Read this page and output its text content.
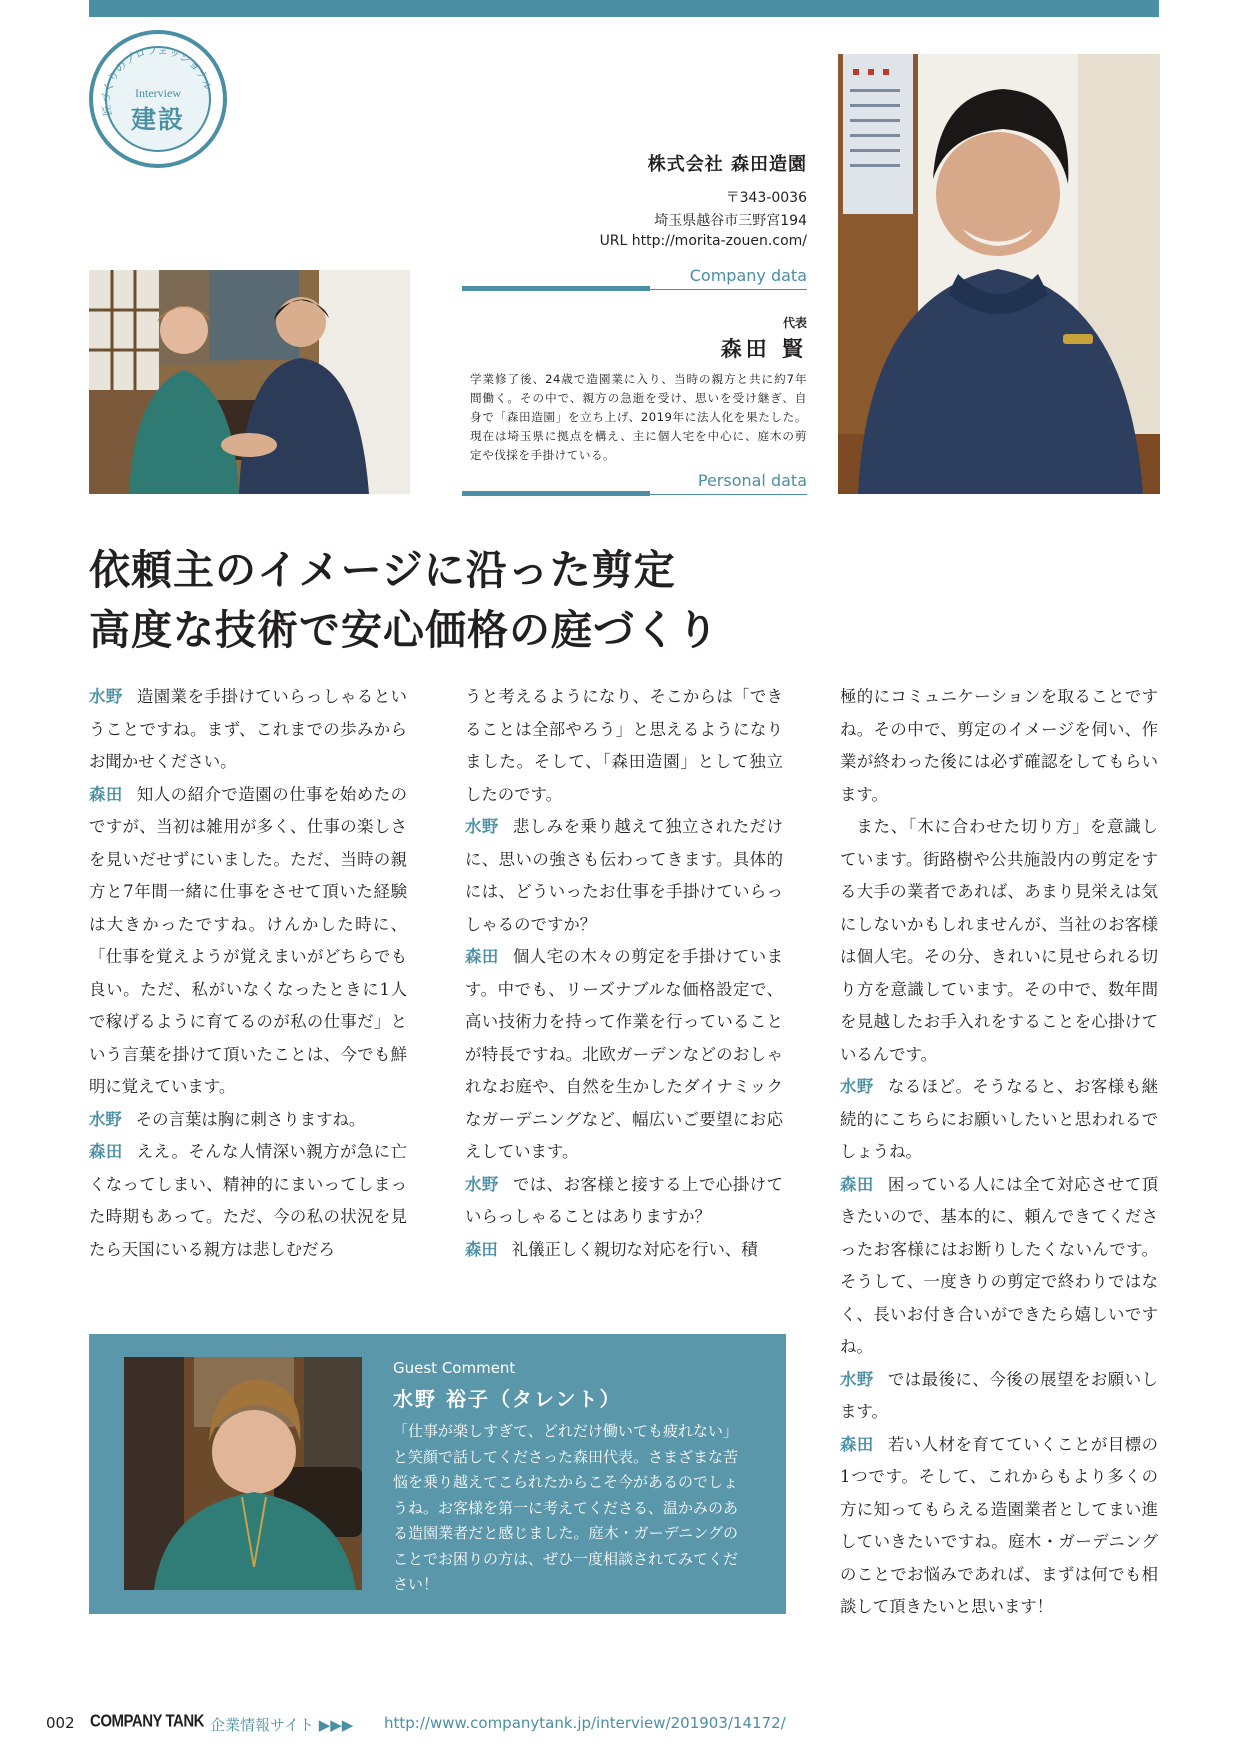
匠づくりのプロフェッショナル
Interview
建設
株式会社 森田造園
〒343-0036
埼玉県越谷市三野宮194
URL http://morita-zouen.com/
Company data
代表
森田 賢
学業修了後、24歳で造園業に入り、当時の親方と共に約7年間働く。その中で、親方の急逝を受け、思いを受け継ぎ、自身で「森田造園」を立ち上げ、2019年に法人化を果たした。現在は埼玉県に拠点を構え、主に個人宅を中心に、庭木の剪定や伐採を手掛けている。
Personal data
依頼主のイメージに沿った剪定
高度な技術で安心価格の庭づくり

水野 造園業を手掛けていらっしゃるということですね。まず、これまでの歩みからお聞かせください。

森田 知人の紹介で造園の仕事を始めたのですが、当初は雑用が多く、仕事の楽しさを見いだせずにいました。ただ、当時の親方と7年間一緒に仕事をさせて頂いた経験は大きかったですね。けんかした時に、「仕事を覚えようが覚えまいがどちらでも良い。ただ、私がいなくなったときに1人で稼げるように育てるのが私の仕事だ」という言葉を掛けて頂いたことは、今でも鮮明に覚えています。

水野 その言葉は胸に刺さりますね。

森田 ええ。そんな人情深い親方が急に亡くなってしまい、精神的にまいってしまった時期もあって。ただ、今の私の状況を見たら天国にいる親方は悲しむだろ

うと考えるようになり、そこからは「できることは全部やろう」と思えるようになりました。そして、「森田造園」として独立したのです。

水野 悲しみを乗り越えて独立されただけに、思いの強さも伝わってきます。具体的には、どういったお仕事を手掛けていらっしゃるのですか？

森田 個人宅の木々の剪定を手掛けています。中でも、リーズナブルな価格設定で、高い技術力を持って作業を行っていることが特長ですね。北欧ガーデンなどのおしゃれなお庭や、自然を生かしたダイナミックなガーデニングなど、幅広いご要望にお応えしています。

水野 では、お客様と接する上で心掛けていらっしゃることはありますか？

森田 礼儀正しく親切な対応を行い、積

極的にコミュニケーションを取ることですね。その中で、剪定のイメージを伺い、作業が終わった後には必ず確認をしてもらいます。

また、「木に合わせた切り方」を意識しています。街路樹や公共施設内の剪定をする大手の業者であれば、あまり見栄えは気にしないかもしれませんが、当社のお客様は個人宅。その分、きれいに見せられる切り方を意識しています。その中で、数年間を見越したお手入れをすることを心掛けているんです。

水野 なるほど。そうなると、お客様も継続的にこちらにお願いしたいと思われるでしょうね。

森田 困っている人には全て対応させて頂きたいので、基本的に、頼んできてくださったお客様にはお断りしたくないんです。そうして、一度きりの剪定で終わりではなく、長いお付き合いができたら嬉しいですね。

水野 では最後に、今後の展望をお願いします。

森田 若い人材を育てていくことが目標の1つです。そして、これからもより多くの方に知ってもらえる造園業者としてまい進していきたいですね。庭木・ガーデニングのことでお悩みであれば、まずは何でも相談して頂きたいと思います！

Guest Comment
水野 裕子（タレント）
「仕事が楽しすぎて、どれだけ働いても疲れない」と笑顔で話してくださった森田代表。さまざまな苦悩を乗り越えてこられたからこそ今があるのでしょうね。お客様を第一に考えてくださる、温かみのある造園業者だと感じました。庭木・ガーデニングのことでお困りの方は、ぜひ一度相談されてみてください！
002 COMPANY TANK 企業情報サイト ▶▶▶ http://www.companytank.jp/interview/201903/14172/
